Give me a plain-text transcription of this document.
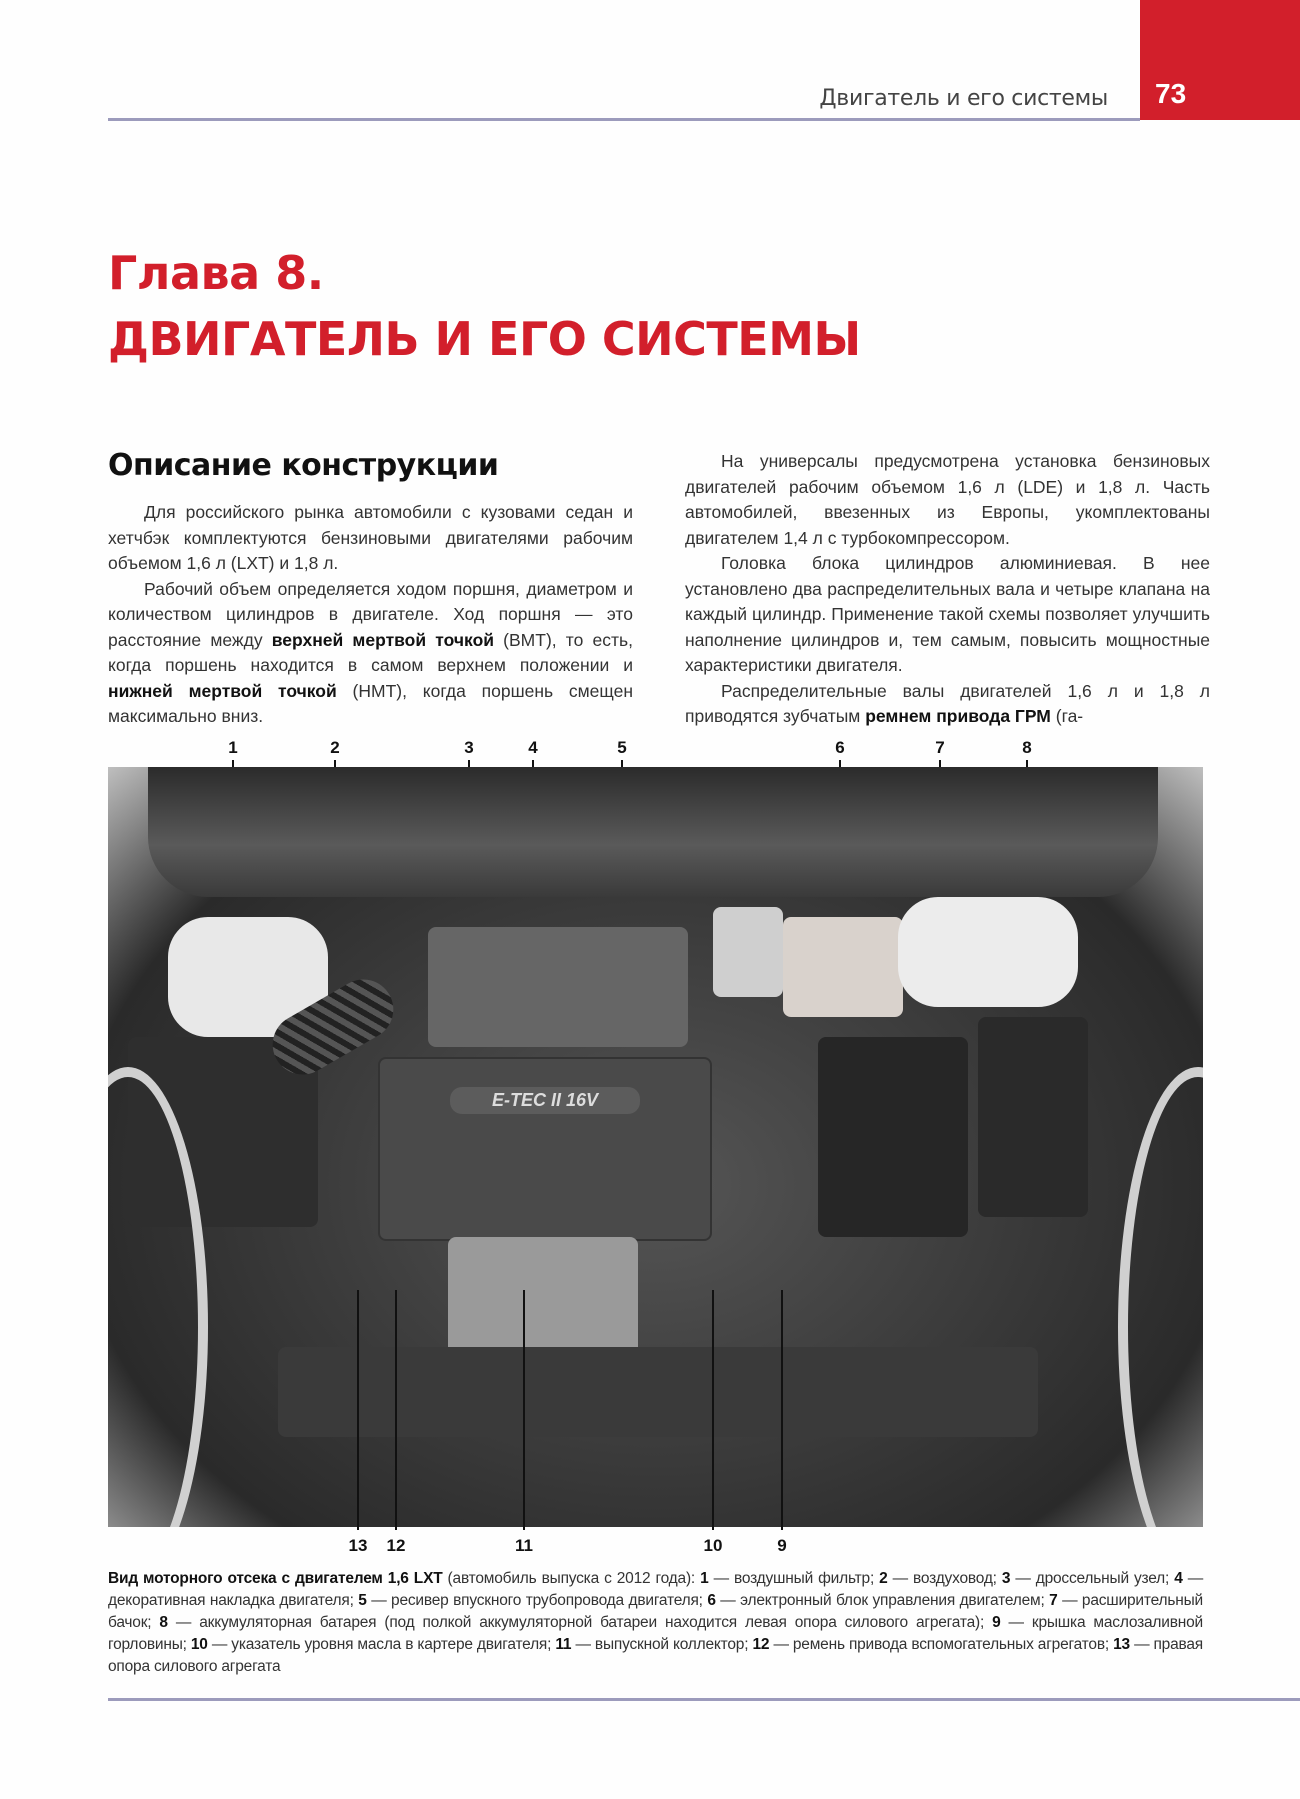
73
Двигатель и его системы
Глава 8.
ДВИГАТЕЛЬ И ЕГО СИСТЕМЫ
Описание конструкции

Для российского рынка автомобили с кузовами седан и хетчбэк комплектуются бензиновыми двигателями рабочим объемом 1,6 л (LXT) и 1,8 л.

Рабочий объем определяется ходом поршня, диаметром и количеством цилиндров в двигателе. Ход поршня — это расстояние между верхней мертвой точкой (ВМТ), то есть, когда поршень находится в самом верхнем положении и нижней мертвой точкой (НМТ), когда поршень смещен максимально вниз.

На универсалы предусмотрена установка бензиновых двигателей рабочим объемом 1,6 л (LDE) и 1,8 л. Часть автомобилей, ввезенных из Европы, укомплектованы двигателем 1,4 л с турбокомпрессором.

Головка блока цилиндров алюминиевая. В нее установлено два распределительных вала и четыре клапана на каждый цилиндр. Применение такой схемы позволяет улучшить наполнение цилиндров и, тем самым, повысить мощностные характеристики двигателя.

Распределительные валы двигателей 1,6 л и 1,8 л приводятся зубчатым ремнем привода ГРМ (га-

1	2	3	4	5	6	7	8
E-TEC II 16V
13 12	11	10	9
Вид моторного отсека с двигателем 1,6 LXT (автомобиль выпуска с 2012 года): 1 — воздушный фильтр; 2 — воздуховод; 3 — дроссельный узел; 4 — декоративная накладка двигателя; 5 — ресивер впускного трубопровода двигателя; 6 — электронный блок управления двигателем; 7 — расширительный бачок; 8 — аккумуляторная батарея (под полкой аккумуляторной батареи находится левая опора силового агрегата); 9 — крышка маслозаливной горловины; 10 — указатель уровня масла в картере двигателя; 11 — выпускной коллектор; 12 — ремень привода вспомогательных агрегатов; 13 — правая опора силового агрегата
